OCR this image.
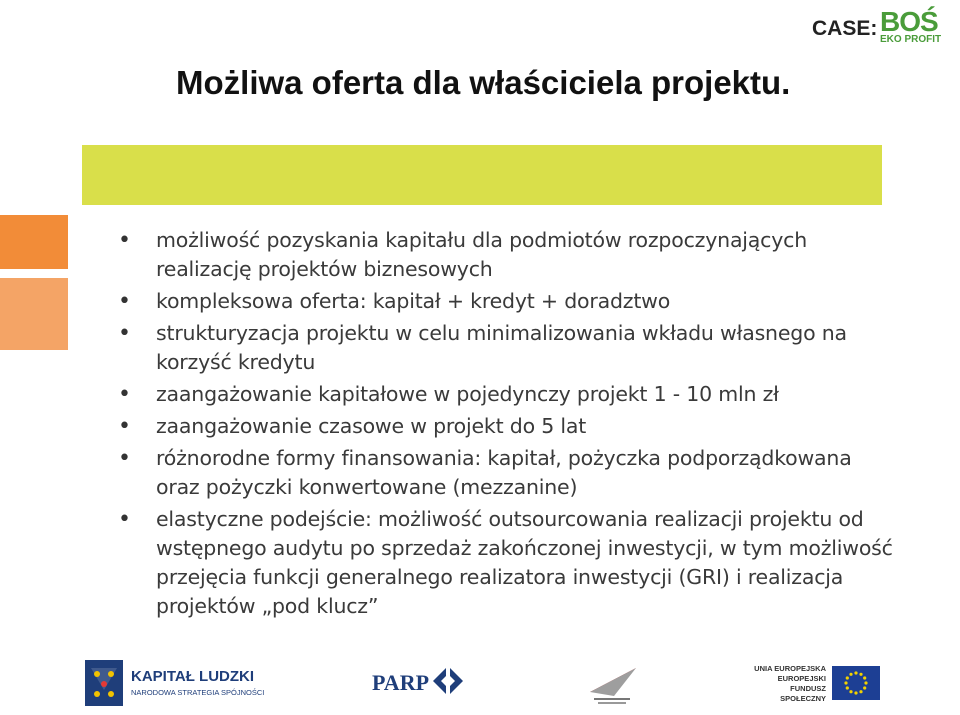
CASE: BOŚ
EKO PROFIT
Możliwa oferta dla właściciela projektu.
• możliwość pozyskania kapitału dla podmiotów rozpoczynających realizację projektów biznesowych
• kompleksowa oferta: kapitał + kredyt + doradztwo
• strukturyzacja projektu w celu minimalizowania wkładu własnego na korzyść kredytu
• zaangażowanie kapitałowe w pojedynczy projekt 1 - 10 mln zł
• zaangażowanie czasowe w projekt do 5 lat
• różnorodne formy finansowania: kapitał, pożyczka podporządkowana oraz pożyczki konwertowane (mezzanine)
• elastyczne podejście: możliwość outsourcowania realizacji projektu od wstępnego audytu po sprzedaż zakończonej inwestycji, w tym możliwość przejęcia funkcji generalnego realizatora inwestycji (GRI) i realizacja projektów „pod klucz”
KAPITAŁ LUDZKI
NARODOWA STRATEGIA SPÓJNOŚCI	PARP
UNIA EUROPEJSKA EUROPEJSKI FUNDUSZ SPOŁECZNY
